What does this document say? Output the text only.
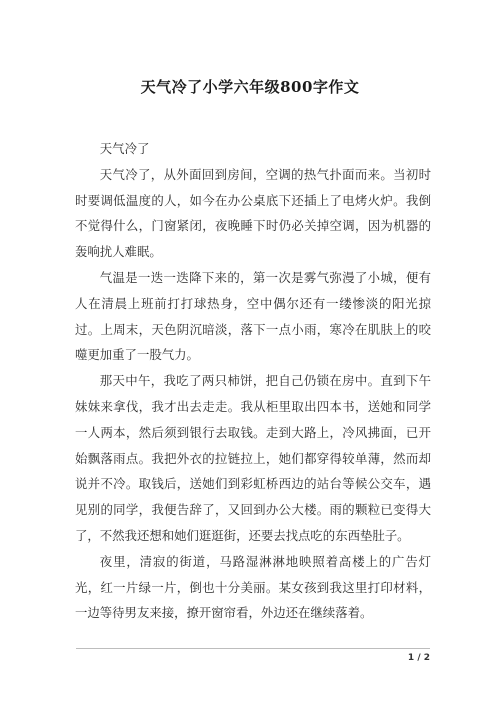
天气冷了小学六年级800字作文

天气冷了

天气冷了，从外面回到房间，空调的热气扑面而来。当初时时要调低温度的人，如今在办公桌底下还插上了电烤火炉。我倒不觉得什么，门窗紧闭，夜晚睡下时仍必关掉空调，因为机器的轰响扰人难眠。

气温是一迭一迭降下来的，第一次是雾气弥漫了小城，便有人在清晨上班前打打球热身，空中偶尔还有一缕惨淡的阳光掠过。上周末，天色阴沉暗淡，落下一点小雨，寒冷在肌肤上的咬噬更加重了一股气力。

那天中午，我吃了两只柿饼，把自己仍锁在房中。直到下午妹妹来拿伐，我才出去走走。我从柜里取出四本书，送她和同学一人两本，然后须到银行去取钱。走到大路上，冷风拂面，已开始飘落雨点。我把外衣的拉链拉上，她们都穿得较单薄，然而却说并不冷。取钱后，送她们到彩虹桥西边的站台等候公交车，遇见别的同学，我便告辞了，又回到办公大楼。雨的颗粒已变得大了，不然我还想和她们逛逛街，还要去找点吃的东西垫肚子。

夜里，清寂的街道，马路湿淋淋地映照着高楼上的广告灯光，红一片绿一片，倒也十分美丽。某女孩到我这里打印材料，一边等待男友来接，撩开窗帘看，外边还在继续落着。

1 / 2
